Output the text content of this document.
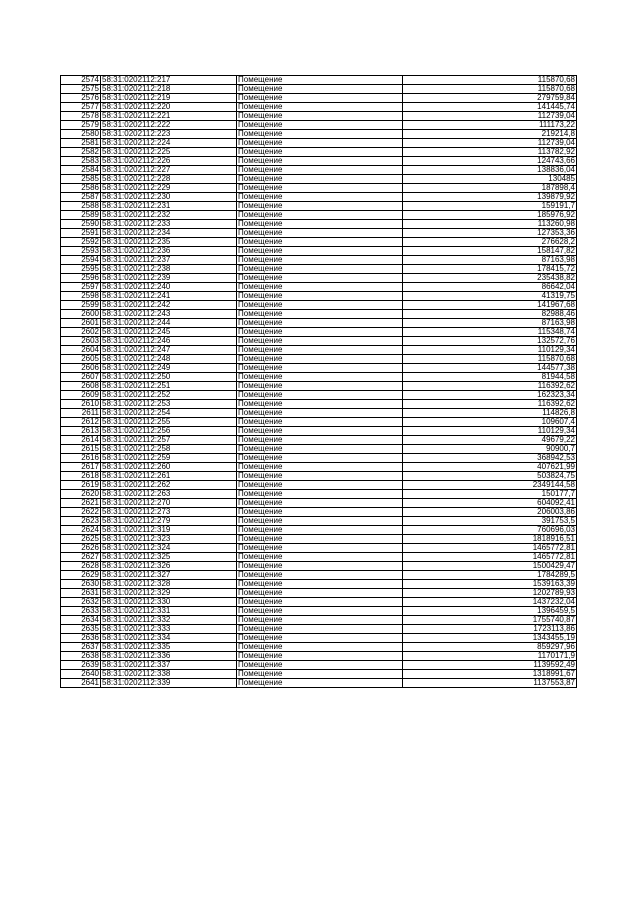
2574	58:31:0202112:217	Помещение	115870,68
2575	58:31:0202112:218	Помещение	115870,68
2576	58:31:0202112:219	Помещение	279759,84
2577	58:31:0202112:220	Помещение	141445,74
2578	58:31:0202112:221	Помещение	112739,04
2579	58:31:0202112:222	Помещение	111173,22
2580	58:31:0202112:223	Помещение	219214,8
2581	58:31:0202112:224	Помещение	112739,04
2582	58:31:0202112:225	Помещение	113782,92
2583	58:31:0202112:226	Помещение	124743,66
2584	58:31:0202112:227	Помещение	138836,04
2585	58:31:0202112:228	Помещение	130485
2586	58:31:0202112:229	Помещение	187898,4
2587	58:31:0202112:230	Помещение	139879,92
2588	58:31:0202112:231	Помещение	159191,7
2589	58:31:0202112:232	Помещение	185976,92
2590	58:31:0202112:233	Помещение	113260,98
2591	58:31:0202112:234	Помещение	127353,36
2592	58:31:0202112:235	Помещение	276628,2
2593	58:31:0202112:236	Помещение	158147,82
2594	58:31:0202112:237	Помещение	87163,98
2595	58:31:0202112:238	Помещение	178415,72
2596	58:31:0202112:239	Помещение	235438,82
2597	58:31:0202112:240	Помещение	86642,04
2598	58:31:0202112:241	Помещение	41319,75
2599	58:31:0202112:242	Помещение	141967,68
2600	58:31:0202112:243	Помещение	82988,46
2601	58:31:0202112:244	Помещение	87163,98
2602	58:31:0202112:245	Помещение	115348,74
2603	58:31:0202112:246	Помещение	132572,76
2604	58:31:0202112:247	Помещение	110129,34
2605	58:31:0202112:248	Помещение	115870,68
2606	58:31:0202112:249	Помещение	144577,38
2607	58:31:0202112:250	Помещение	81944,58
2608	58:31:0202112:251	Помещение	116392,62
2609	58:31:0202112:252	Помещение	162323,34
2610	58:31:0202112:253	Помещение	116392,62
2611	58:31:0202112:254	Помещение	114826,8
2612	58:31:0202112:255	Помещение	109607,4
2613	58:31:0202112:256	Помещение	110129,34
2614	58:31:0202112:257	Помещение	49679,22
2615	58:31:0202112:258	Помещение	90900,7
2616	58:31:0202112:259	Помещение	368942,53
2617	58:31:0202112:260	Помещение	407621,99
2618	58:31:0202112:261	Помещение	503824,75
2619	58:31:0202112:262	Помещение	2349144,58
2620	58:31:0202112:263	Помещение	150177,7
2621	58:31:0202112:270	Помещение	604092,41
2622	58:31:0202112:273	Помещение	206003,86
2623	58:31:0202112:279	Помещение	391753,5
2624	58:31:0202112:319	Помещение	760696,03
2625	58:31:0202112:323	Помещение	1818916,51
2626	58:31:0202112:324	Помещение	1465772,81
2627	58:31:0202112:325	Помещение	1465772,81
2628	58:31:0202112:326	Помещение	1500429,47
2629	58:31:0202112:327	Помещение	1784289,5
2630	58:31:0202112:328	Помещение	1539163,39
2631	58:31:0202112:329	Помещение	1202789,93
2632	58:31:0202112:330	Помещение	1437232,04
2633	58:31:0202112:331	Помещение	1396459,5
2634	58:31:0202112:332	Помещение	1755740,87
2635	58:31:0202112:333	Помещение	1723113,86
2636	58:31:0202112:334	Помещение	1343455,19
2637	58:31:0202112:335	Помещение	859297,96
2638	58:31:0202112:336	Помещение	1170171,9
2639	58:31:0202112:337	Помещение	1139592,49
2640	58:31:0202112:338	Помещение	1318991,67
2641	58:31:0202112:339	Помещение	1137553,87
